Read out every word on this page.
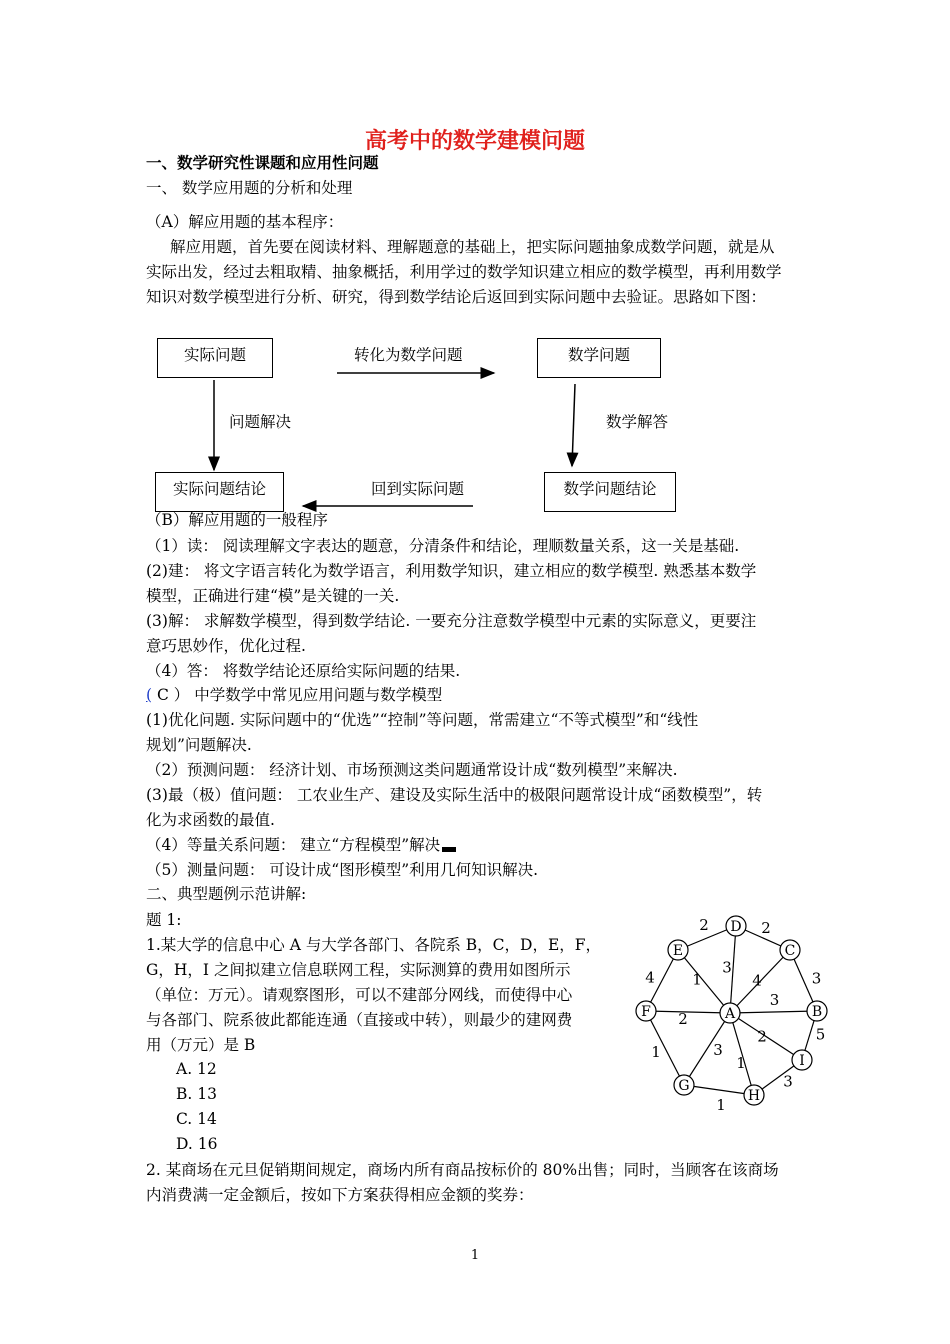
高考中的数学建模问题
一、数学研究性课题和应用性问题
一、 数学应用题的分析和处理
（A）解应用题的基本程序：
解应用题，首先要在阅读材料、理解题意的基础上，把实际问题抽象成数学问题，就是从
实际出发，经过去粗取精、抽象概括，利用学过的数学知识建立相应的数学模型，再利用数学
知识对数学模型进行分析、研究，得到数学结论后返回到实际问题中去验证。思路如下图：
实际问题	数学问题
实际问题结论	数学问题结论
转化为数学问题
问题解决	数学解答
回到实际问题
（B）解应用题的一般程序
（1）读： 阅读理解文字表达的题意，分清条件和结论，理顺数量关系，这一关是基础.
(2)建： 将文字语言转化为数学语言，利用数学知识，建立相应的数学模型. 熟悉基本数学
模型，正确进行建“模”是关键的一关.
(3)解： 求解数学模型，得到数学结论. 一要充分注意数学模型中元素的实际意义，更要注
意巧思妙作，优化过程.
（4）答： 将数学结论还原给实际问题的结果.
( C ） 中学数学中常见应用问题与数学模型
(1)优化问题. 实际问题中的“优选”“控制”等问题，常需建立“不等式模型”和“线性
规划”问题解决.
（2）预测问题： 经济计划、市场预测这类问题通常设计成“数列模型”来解决.
(3)最（极）值问题： 工农业生产、建设及实际生活中的极限问题常设计成“函数模型”，转
化为求函数的最值.
（4）等量关系问题： 建立“方程模型”解决
（5）测量问题： 可设计成“图形模型”利用几何知识解决.
二、典型题例示范讲解:
题 1:
1.某大学的信息中心 A 与大学各部门、各院系 B，C，D，E，F，
G，H，I 之间拟建立信息联网工程，实际测算的费用如图所示
（单位：万元）。请观察图形，可以不建部分网线，而使得中心
与各部门、院系彼此都能连通（直接或中转），则最少的建网费
用（万元）是 B
A. 12
B. 13
C. 14
D. 16
2. 某商场在元旦促销期间规定，商场内所有商品按标价的 80%出售；同时，当顾客在该商场
内消费满一定金额后，按如下方案获得相应金额的奖券：
2	2
3
5
3
1
1
4 1
3
4
3
2
1
3
2	A	B
C
D
E
F
G
H
I
1
